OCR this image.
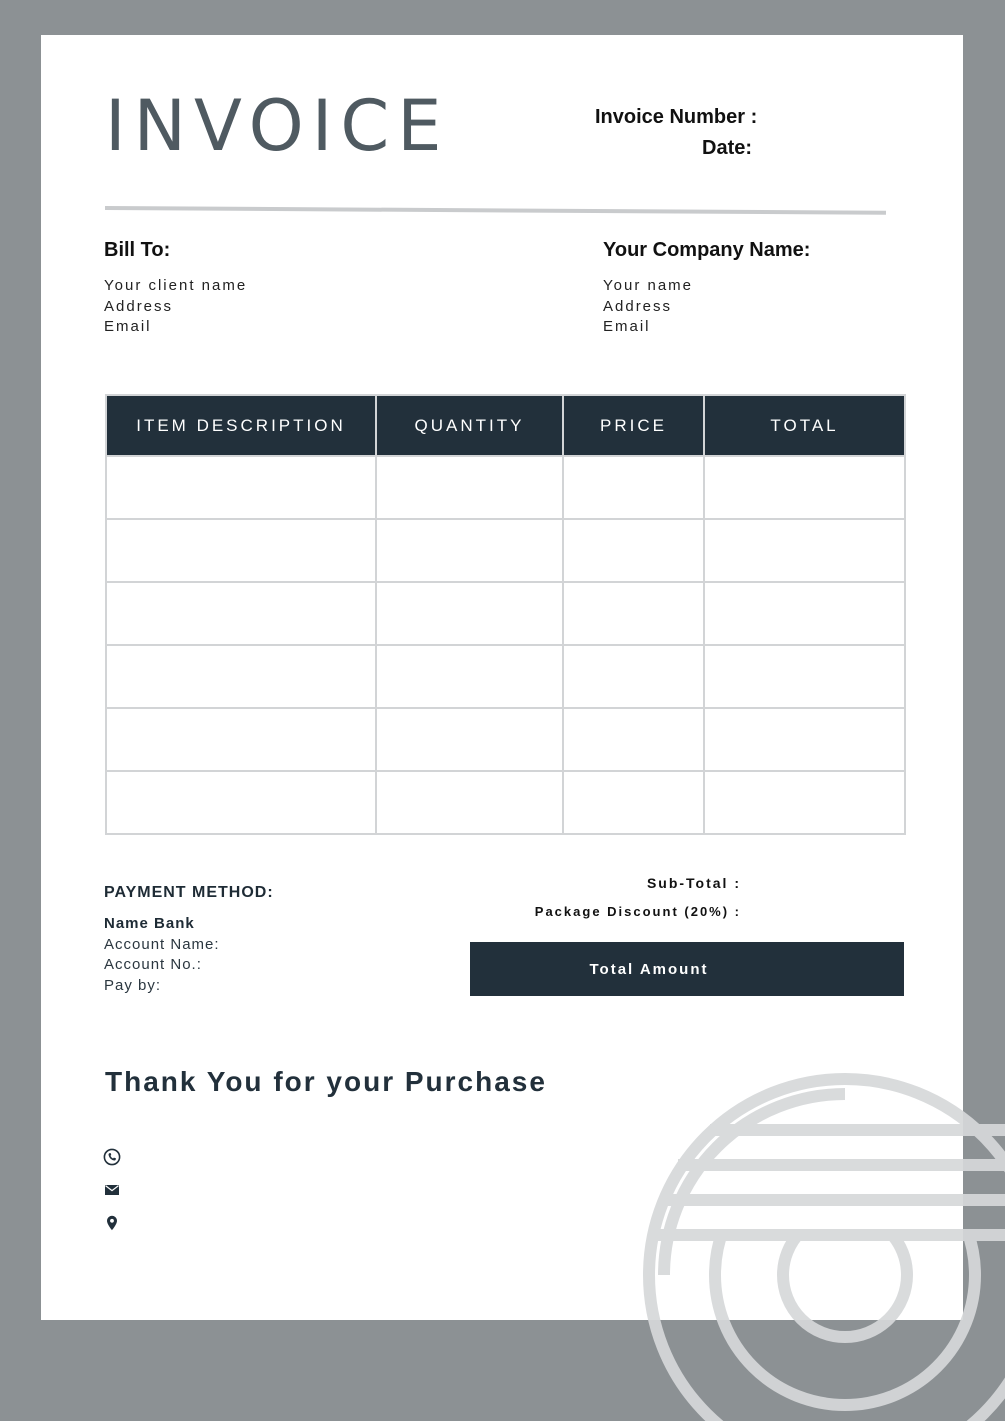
INVOICE	Invoice Number :
Date:
Bill To:
Your client name
Address
Email
Your Company Name:
Your name
Address
Email
ITEM DESCRIPTION	QUANTITY	PRICE	TOTAL

PAYMENT METHOD:
Name Bank
Account Name:
Account No.:
Pay by:
Sub-Total :
Package Discount (20%) :
Total Amount
Thank You for your Purchase
